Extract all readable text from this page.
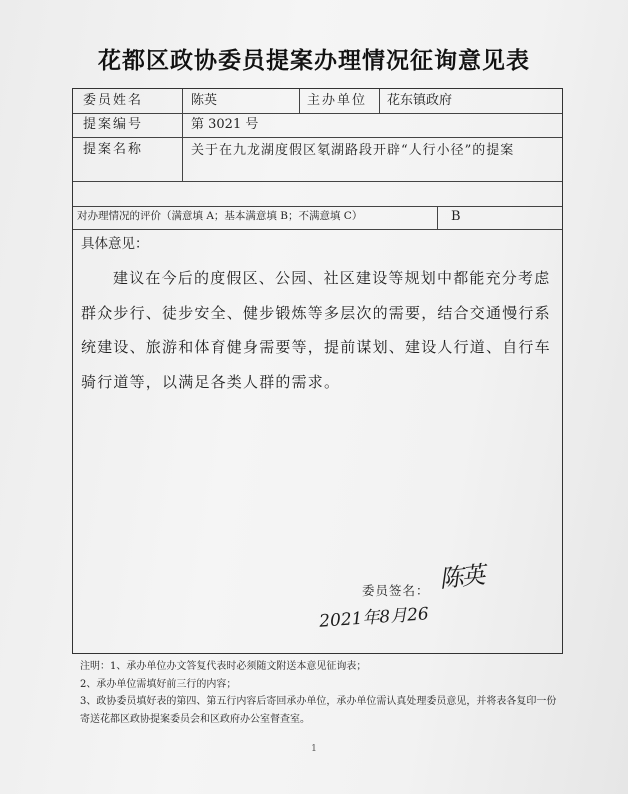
花都区政协委员提案办理情况征询意见表
委员姓名	陈英	主办单位 花东镇政府
提案编号	第 3021 号
提案名称	关于在九龙湖度假区氡湖路段开辟“人行小径”的提案
对办理情况的评价（满意填 A；基本满意填 B；不满意填 C）	B
具体意见：
建议在今后的度假区、公园、社区建设等规划中都能充分考虑群众步行、徒步安全、健步锻炼等多层次的需要，结合交通慢行系统建设、旅游和体育健身需要等，提前谋划、建设人行道、自行车骑行道等，以满足各类人群的需求。
委员签名： 陈英
2021年8月26
注明：1、承办单位办文答复代表时必须随文附送本意见征询表；
2、承办单位需填好前三行的内容；
3、政协委员填好表的第四、第五行内容后寄回承办单位，承办单位需认真处理委员意见，并将表各复印一份寄送花都区政协提案委员会和区政府办公室督查室。
1
